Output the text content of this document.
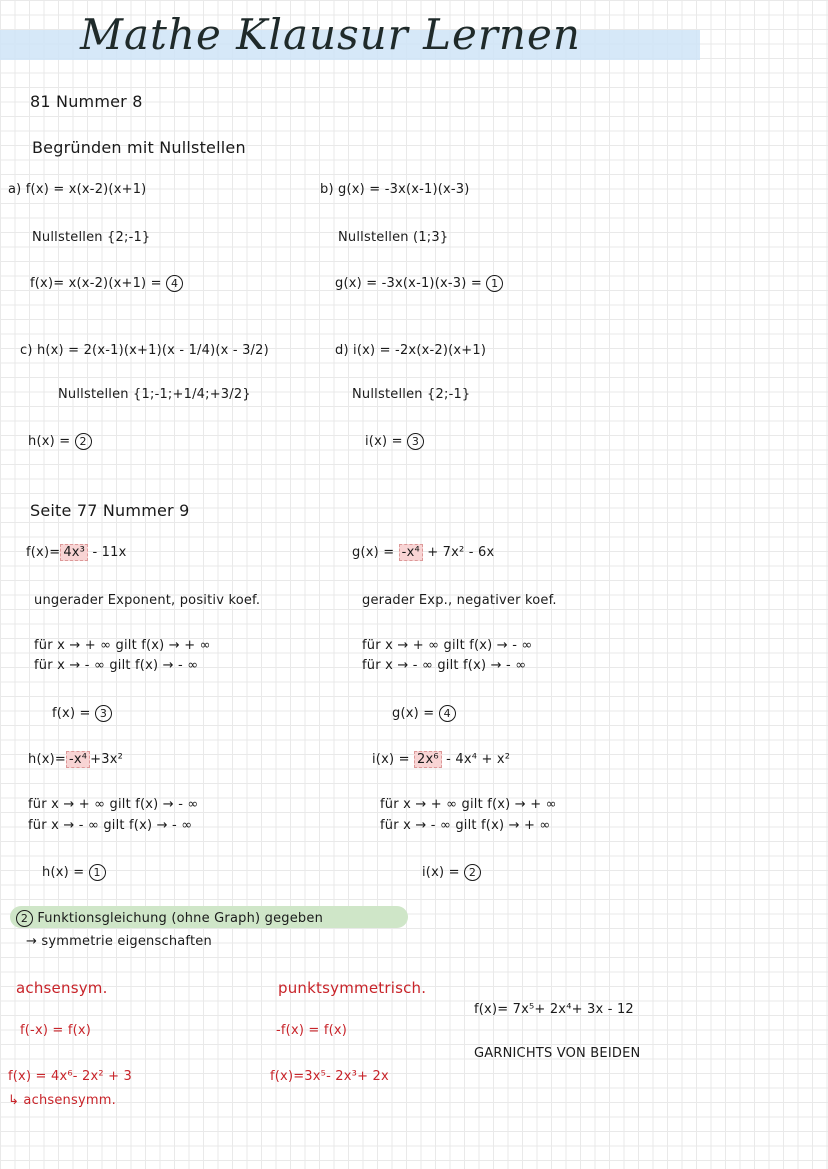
Mathe Klausur Lernen
81 Nummer 8
Begründen mit Nullstellen
a) f(x) = x(x-2)(x+1)
Nullstellen {2;-1}
f(x)= x(x-2)(x+1) = 4
b) g(x) = -3x(x-1)(x-3)
Nullstellen (1;3}
g(x) = -3x(x-1)(x-3) = 1
c) h(x) = 2(x-1)(x+1)(x - 1/4)(x - 3/2)
Nullstellen {1;-1;+1/4;+3/2}
h(x) = 2
d) i(x) = -2x(x-2)(x+1)
Nullstellen {2;-1}
i(x) = 3
Seite 77 Nummer 9
f(x)= 4x³ - 11x
ungerader Exponent, positiv koef.
für x → + ∞ gilt f(x) → + ∞
für x → - ∞ gilt f(x) → - ∞
f(x) = 3
g(x) = -x⁴ + 7x² - 6x
gerader Exp., negativer koef.
für x → + ∞ gilt f(x) → - ∞
für x → - ∞ gilt f(x) → - ∞
g(x) = 4
h(x)= -x⁴ +3x²
für x → + ∞ gilt f(x) → - ∞
für x → - ∞ gilt f(x) → - ∞
h(x) = 1
i(x) = 2x⁶ - 4x⁴ + x²
für x → + ∞ gilt f(x) → + ∞
für x → - ∞ gilt f(x) → + ∞
i(x) = 2
2 Funktionsgleichung (ohne Graph) gegeben
→ symmetrie eigenschaften
achsensym.
f(-x) = f(x)
f(x) = 4x⁶- 2x² + 3
↳ achsensymm.
punktsymmetrisch.
-f(x) = f(x)
f(x)=3x⁵- 2x³+ 2x
f(x)= 7x⁵+ 2x⁴+ 3x - 12
GARNICHTS VON BEIDEN
